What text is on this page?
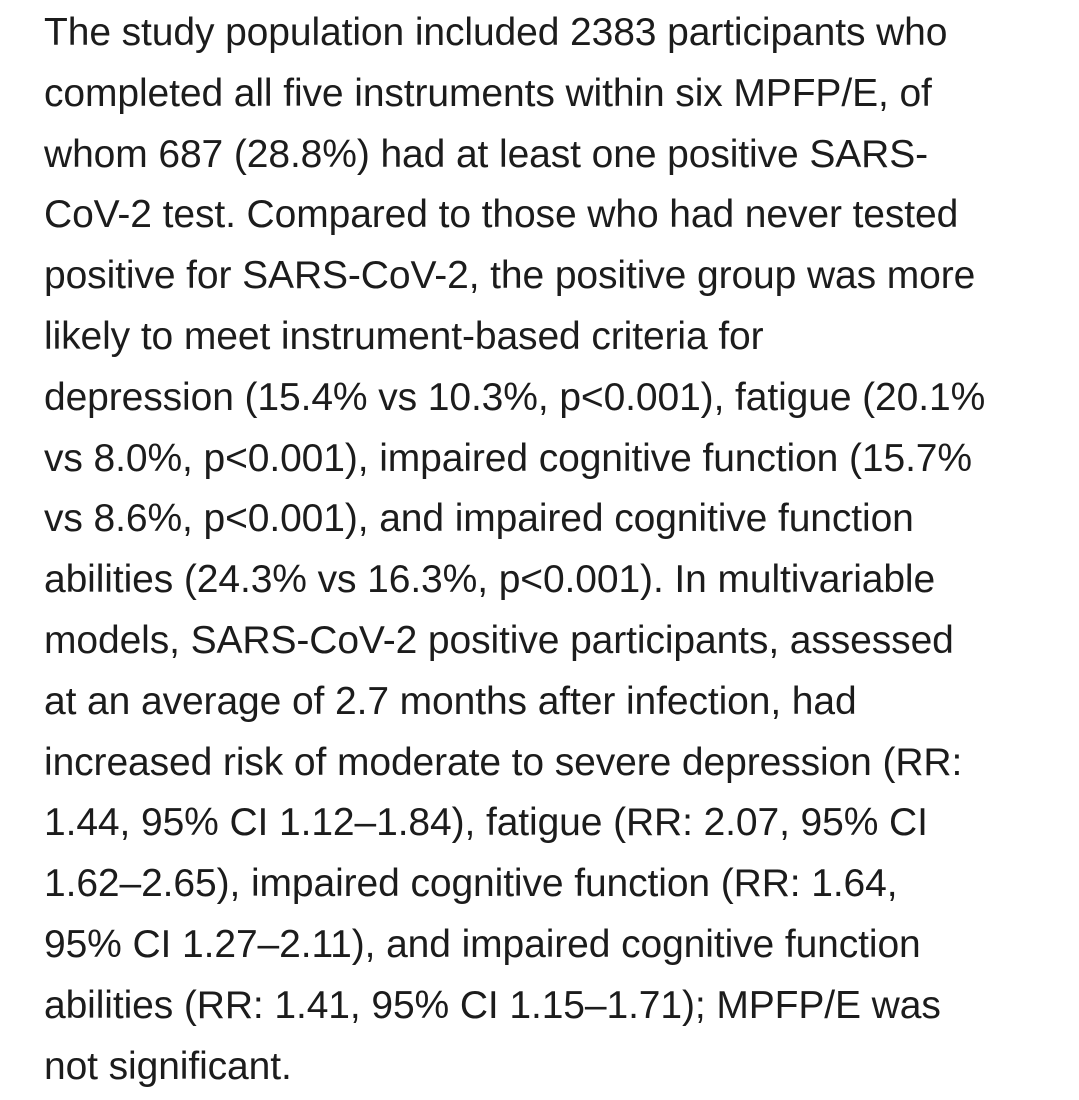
The study population included 2383 participants who
completed all five instruments within six MPFP/E, of
whom 687 (28.8%) had at least one positive SARS-
CoV-2 test. Compared to those who had never tested
positive for SARS-CoV-2, the positive group was more
likely to meet instrument-based criteria for
depression (15.4% vs 10.3%, p<0.001), fatigue (20.1%
vs 8.0%, p<0.001), impaired cognitive function (15.7%
vs 8.6%, p<0.001), and impaired cognitive function
abilities (24.3% vs 16.3%, p<0.001). In multivariable
models, SARS-CoV-2 positive participants, assessed
at an average of 2.7 months after infection, had
increased risk of moderate to severe depression (RR:
1.44, 95% CI 1.12–1.84), fatigue (RR: 2.07, 95% CI
1.62–2.65), impaired cognitive function (RR: 1.64,
95% CI 1.27–2.11), and impaired cognitive function
abilities (RR: 1.41, 95% CI 1.15–1.71); MPFP/E was
not significant.
